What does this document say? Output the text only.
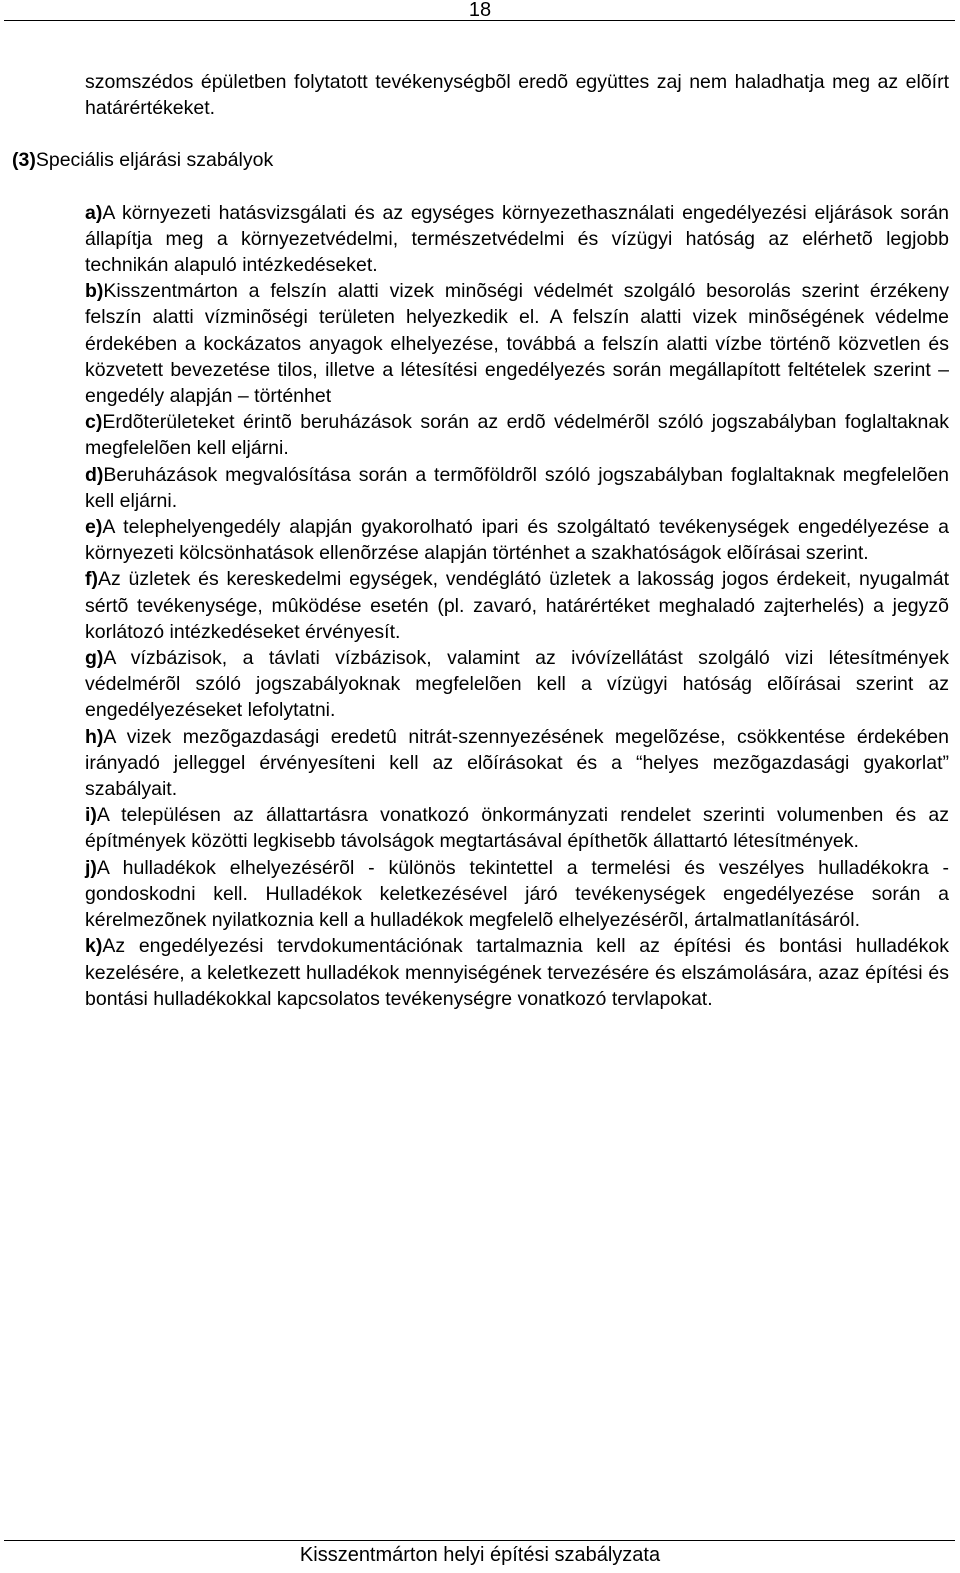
18

szomszédos épületben folytatott tevékenységbõl eredõ együttes zaj nem haladhatja meg az elõírt határértékeket.

(3)Speciális eljárási szabályok

a)A környezeti hatásvizsgálati és az egységes környezethasználati engedélyezési eljárások során állapítja meg a környezetvédelmi, természetvédelmi és vízügyi hatóság az elérhetõ legjobb technikán alapuló intézkedéseket.

b)Kisszentmárton a felszín alatti vizek minõségi védelmét szolgáló besorolás szerint érzékeny felszín alatti vízminõségi területen helyezkedik el. A felszín alatti vizek minõségének védelme érdekében a kockázatos anyagok elhelyezése, továbbá a felszín alatti vízbe történõ közvetlen és közvetett bevezetése tilos, illetve a létesítési engedélyezés során megállapított feltételek szerint – engedély alapján – történhet

c)Erdõterületeket érintõ beruházások során az erdõ védelmérõl szóló jogszabályban foglaltaknak megfelelõen kell eljárni.

d)Beruházások megvalósítása során a termõföldrõl szóló jogszabályban foglaltaknak megfelelõen kell eljárni.

e)A telephelyengedély alapján gyakorolható ipari és szolgáltató tevékenységek engedélyezése a környezeti kölcsönhatások ellenõrzése alapján történhet a szakhatóságok elõírásai szerint.

f)Az üzletek és kereskedelmi egységek, vendéglátó üzletek a lakosság jogos érdekeit, nyugalmát sértõ tevékenysége, mûködése esetén (pl. zavaró, határértéket meghaladó zajterhelés) a jegyzõ korlátozó intézkedéseket érvényesít.

g)A vízbázisok, a távlati vízbázisok, valamint az ivóvízellátást szolgáló vizi létesítmények védelmérõl szóló jogszabályoknak megfelelõen kell a vízügyi hatóság elõírásai szerint az engedélyezéseket lefolytatni.

h)A vizek mezõgazdasági eredetû nitrát-szennyezésének megelõzése, csökkentése érdekében irányadó jelleggel érvényesíteni kell az elõírásokat és a “helyes mezõgazdasági gyakorlat” szabályait.

i)A településen az állattartásra vonatkozó önkormányzati rendelet szerinti volumenben és az építmények közötti legkisebb távolságok megtartásával építhetõk állattartó létesítmények.

j)A hulladékok elhelyezésérõl - különös tekintettel a termelési és veszélyes hulladékokra - gondoskodni kell. Hulladékok keletkezésével járó tevékenységek engedélyezése során a kérelmezõnek nyilatkoznia kell a hulladékok megfelelõ elhelyezésérõl, ártalmatlanításáról.

k)Az engedélyezési tervdokumentációnak tartalmaznia kell az építési és bontási hulladékok kezelésére, a keletkezett hulladékok mennyiségének tervezésére és elszámolására, azaz építési és bontási hulladékokkal kapcsolatos tevékenységre vonatkozó tervlapokat.

Kisszentmárton helyi építési szabályzata
